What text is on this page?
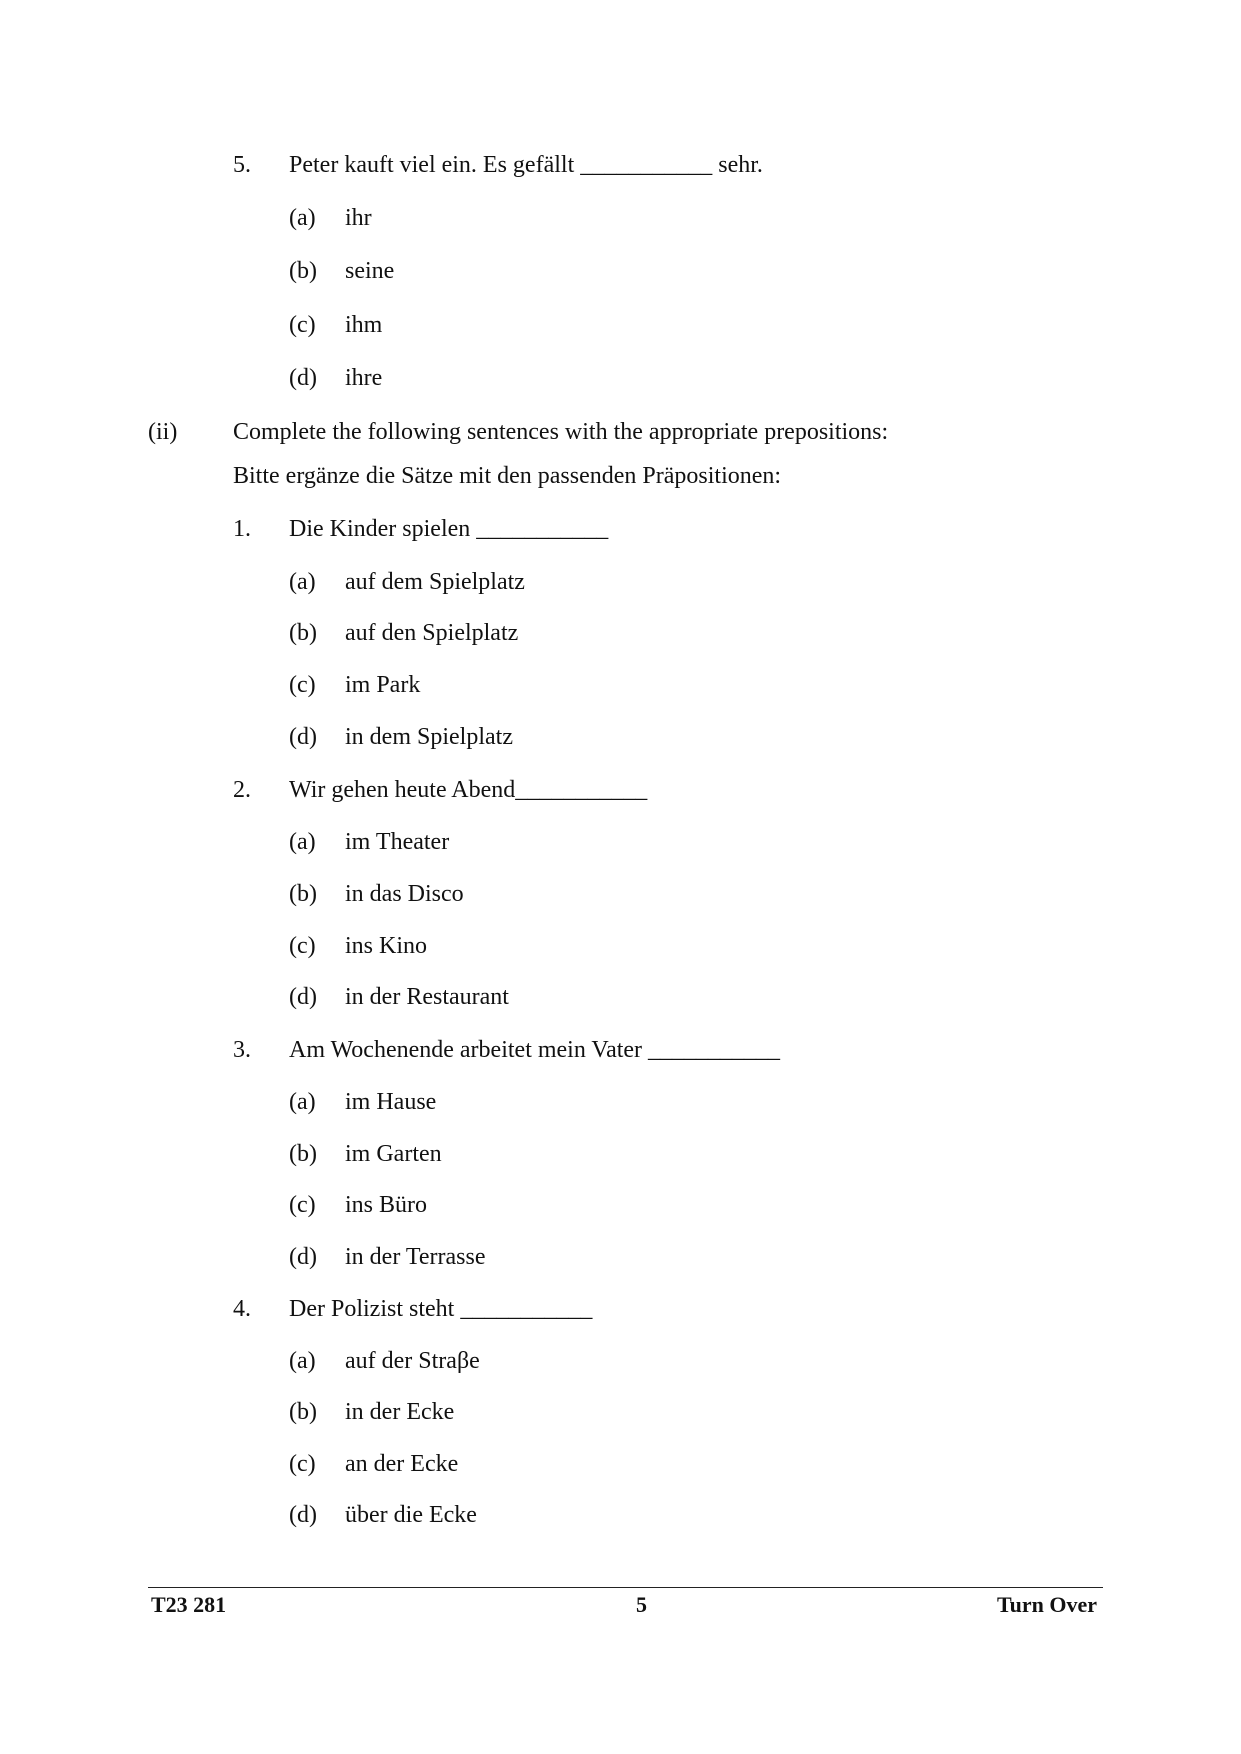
5. Peter kauft viel ein. Es gefällt ___________ sehr.
(a) ihr
(b) seine
(c) ihm
(d) ihre
(ii) Complete the following sentences with the appropriate prepositions:
Bitte ergänze die Sätze mit den passenden Präpositionen:
1. Die Kinder spielen ___________
(a) auf dem Spielplatz
(b) auf den Spielplatz
(c) im Park
(d) in dem Spielplatz
2. Wir gehen heute Abend___________
(a) im Theater
(b) in das Disco
(c) ins Kino
(d) in der Restaurant
3. Am Wochenende arbeitet mein Vater ___________
(a) im Hause
(b) im Garten
(c) ins Büro
(d) in der Terrasse
4. Der Polizist steht ___________
(a) auf der Straβe
(b) in der Ecke
(c) an der Ecke
(d) über die Ecke
T23 281	5	Turn Over
